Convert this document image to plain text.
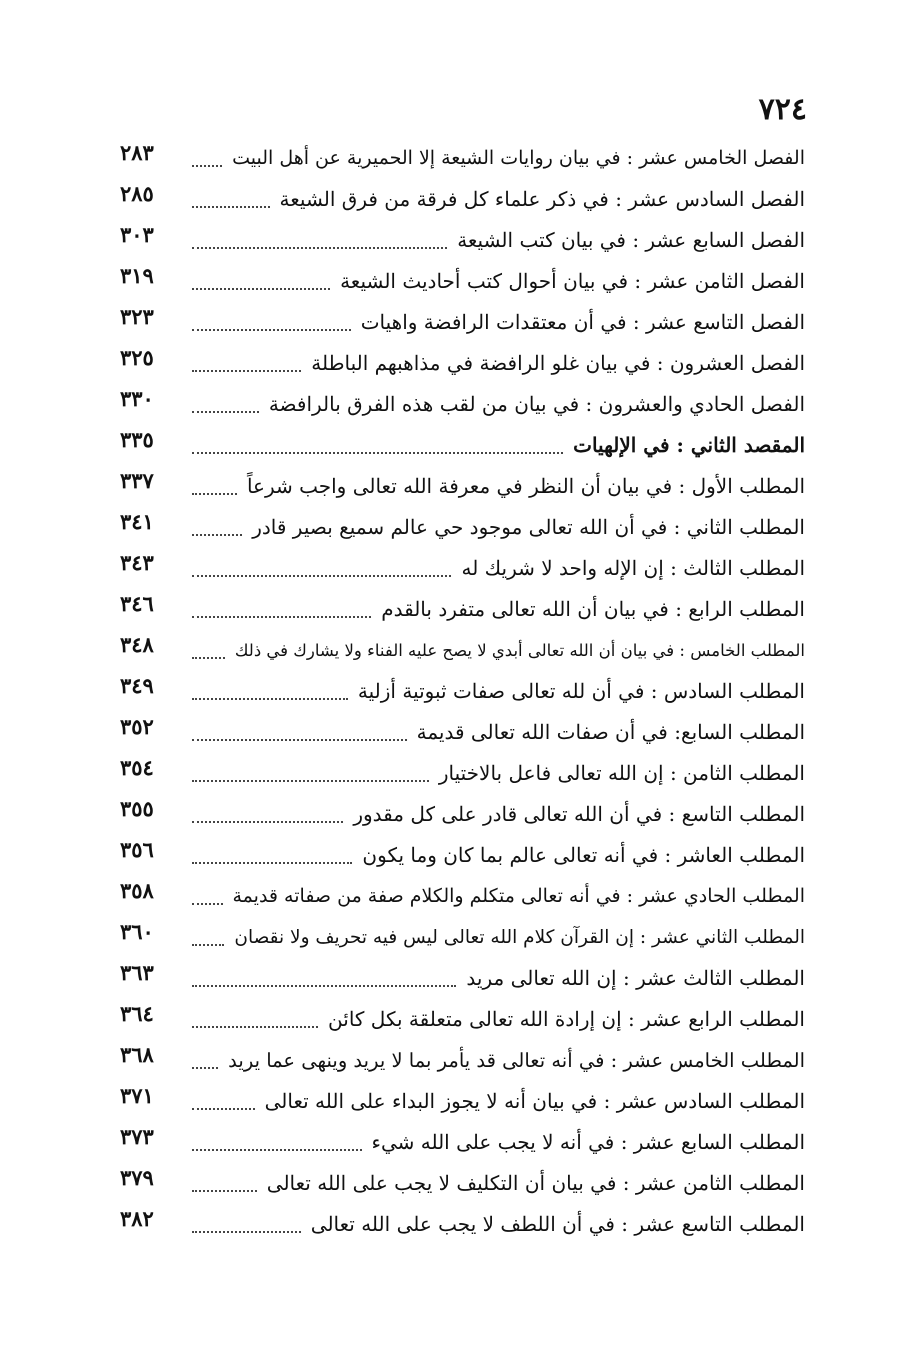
٧٢٤
الفصل الخامس عشر : في بيان روايات الشيعة إلا الحميرية عن أهل البيت
٢٨٣
الفصل السادس عشر : في ذكر علماء كل فرقة من فرق الشيعة
٢٨٥
الفصل السابع عشر : في بيان كتب الشيعة
٣٠٣
الفصل الثامن عشر : في بيان أحوال كتب أحاديث الشيعة
٣١٩
الفصل التاسع عشر : في أن معتقدات الرافضة واهيات
٣٢٣
الفصل العشرون : في بيان غلو الرافضة في مذاهبهم الباطلة
٣٢٥
الفصل الحادي والعشرون : في بيان من لقب هذه الفرق بالرافضة
٣٣٠
المقصد الثاني : في الإلهيات
٣٣٥
المطلب الأول : في بيان أن النظر في معرفة الله تعالى واجب شرعاً
٣٣٧
المطلب الثاني : في أن الله تعالى موجود حي عالم سميع بصير قادر
٣٤١
المطلب الثالث : إن الإله واحد لا شريك له
٣٤٣
المطلب الرابع : في بيان أن الله تعالى متفرد بالقدم
٣٤٦
المطلب الخامس : في بيان أن الله تعالى أبدي لا يصح عليه الفناء ولا يشارك في ذلك
٣٤٨
المطلب السادس : في أن لله تعالى صفات ثبوتية أزلية
٣٤٩
المطلب السابع: في أن صفات الله تعالى قديمة
٣٥٢
المطلب الثامن : إن الله تعالى فاعل بالاختيار
٣٥٤
المطلب التاسع : في أن الله تعالى قادر على كل مقدور
٣٥٥
المطلب العاشر : في أنه تعالى عالم بما كان وما يكون
٣٥٦
المطلب الحادي عشر : في أنه تعالى متكلم والكلام صفة من صفاته قديمة
٣٥٨
المطلب الثاني عشر : إن القرآن كلام الله تعالى ليس فيه تحريف ولا نقصان
٣٦٠
المطلب الثالث عشر : إن الله تعالى مريد
٣٦٣
المطلب الرابع عشر : إن إرادة الله تعالى متعلقة بكل كائن
٣٦٤
المطلب الخامس عشر : في أنه تعالى قد يأمر بما لا يريد وينهى عما يريد
٣٦٨
المطلب السادس عشر : في بيان أنه لا يجوز البداء على الله تعالى
٣٧١
المطلب السابع عشر : في أنه لا يجب على الله شيء
٣٧٣
المطلب الثامن عشر : في بيان أن التكليف لا يجب على الله تعالى
٣٧٩
المطلب التاسع عشر : في أن اللطف لا يجب على الله تعالى
٣٨٢
